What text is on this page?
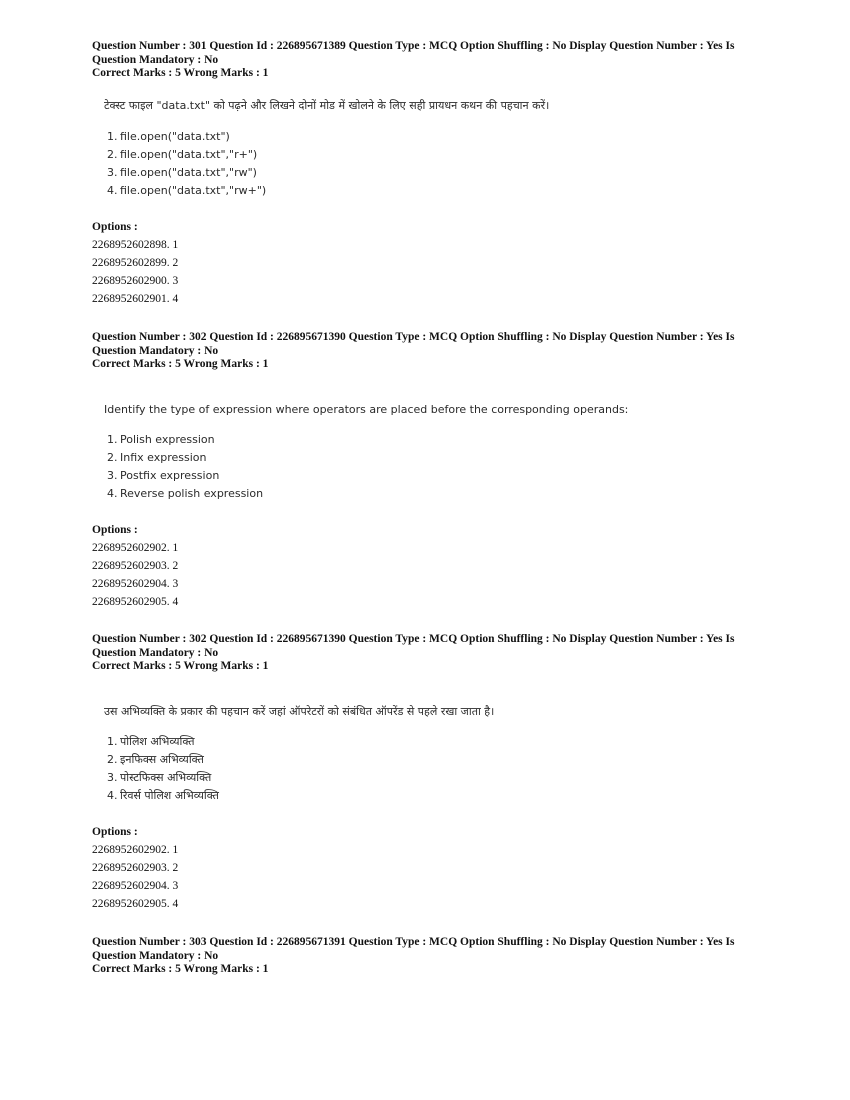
Question Number : 301 Question Id : 226895671389 Question Type : MCQ Option Shuffling : No Display Question Number : Yes Is
Question Mandatory : No
Correct Marks : 5 Wrong Marks : 1
टेक्स्ट फाइल "data.txt" को पढ़ने और लिखने दोनों मोड में खोलने के लिए सही प्रायधन कथन की पहचान करें।
1. file.open("data.txt")
2. file.open("data.txt","r+")
3. file.open("data.txt","rw")
4. file.open("data.txt","rw+")
Options :
2268952602898. 1
2268952602899. 2
2268952602900. 3
2268952602901. 4
Question Number : 302 Question Id : 226895671390 Question Type : MCQ Option Shuffling : No Display Question Number : Yes Is
Question Mandatory : No
Correct Marks : 5 Wrong Marks : 1
Identify the type of expression where operators are placed before the corresponding operands:
1. Polish expression
2. Infix expression
3. Postfix expression
4. Reverse polish expression
Options :
2268952602902. 1
2268952602903. 2
2268952602904. 3
2268952602905. 4
Question Number : 302 Question Id : 226895671390 Question Type : MCQ Option Shuffling : No Display Question Number : Yes Is
Question Mandatory : No
Correct Marks : 5 Wrong Marks : 1
उस अभिव्यक्ति के प्रकार की पहचान करें जहां ऑपरेटरों को संबंधित ऑपरेंड से पहले रखा जाता है।
1. पोलिश अभिव्यक्ति
2. इनफिक्स अभिव्यक्ति
3. पोस्टफिक्स अभिव्यक्ति
4. रिवर्स पोलिश अभिव्यक्ति
Options :
2268952602902. 1
2268952602903. 2
2268952602904. 3
2268952602905. 4
Question Number : 303 Question Id : 226895671391 Question Type : MCQ Option Shuffling : No Display Question Number : Yes Is
Question Mandatory : No
Correct Marks : 5 Wrong Marks : 1
